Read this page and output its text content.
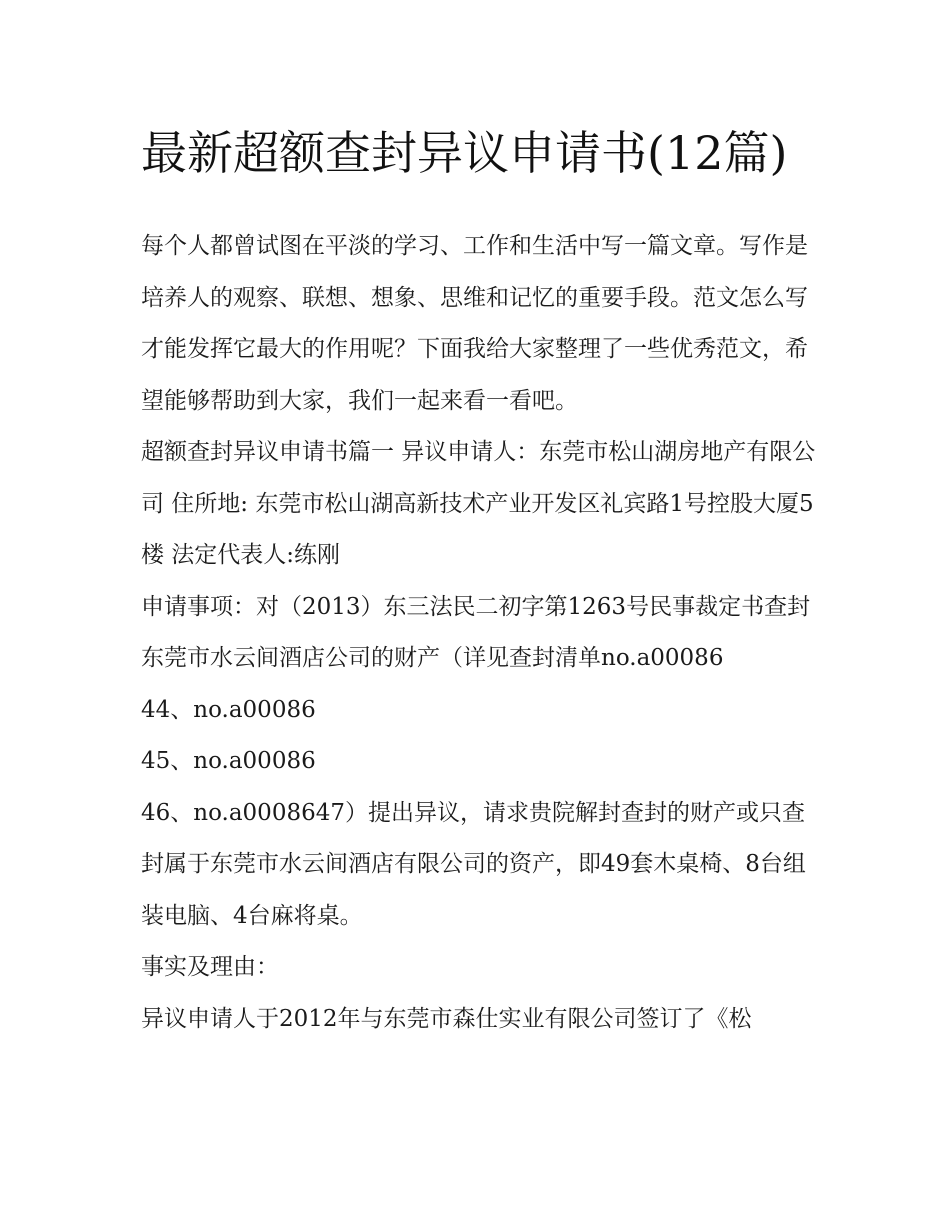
最新超额查封异议申请书(12篇)

每个人都曾试图在平淡的学习、工作和生活中写一篇文章。写作是培养人的观察、联想、想象、思维和记忆的重要手段。范文怎么写才能发挥它最大的作用呢？下面我给大家整理了一些优秀范文，希望能够帮助到大家，我们一起来看一看吧。

超额查封异议申请书篇一 异议申请人：东莞市松山湖房地产有限公司 住所地: 东莞市松山湖高新技术产业开发区礼宾路1号控股大厦5楼 法定代表人:练刚

申请事项：对（2013）东三法民二初字第1263号民事裁定书查封东莞市水云间酒店公司的财产（详见查封清单no.a00086

44、no.a00086

45、no.a00086

46、no.a0008647）提出异议，请求贵院解封查封的财产或只查封属于东莞市水云间酒店有限公司的资产，即49套木桌椅、8台组装电脑、4台麻将桌。

事实及理由：

异议申请人于2012年与东莞市森仕实业有限公司签订了《松
